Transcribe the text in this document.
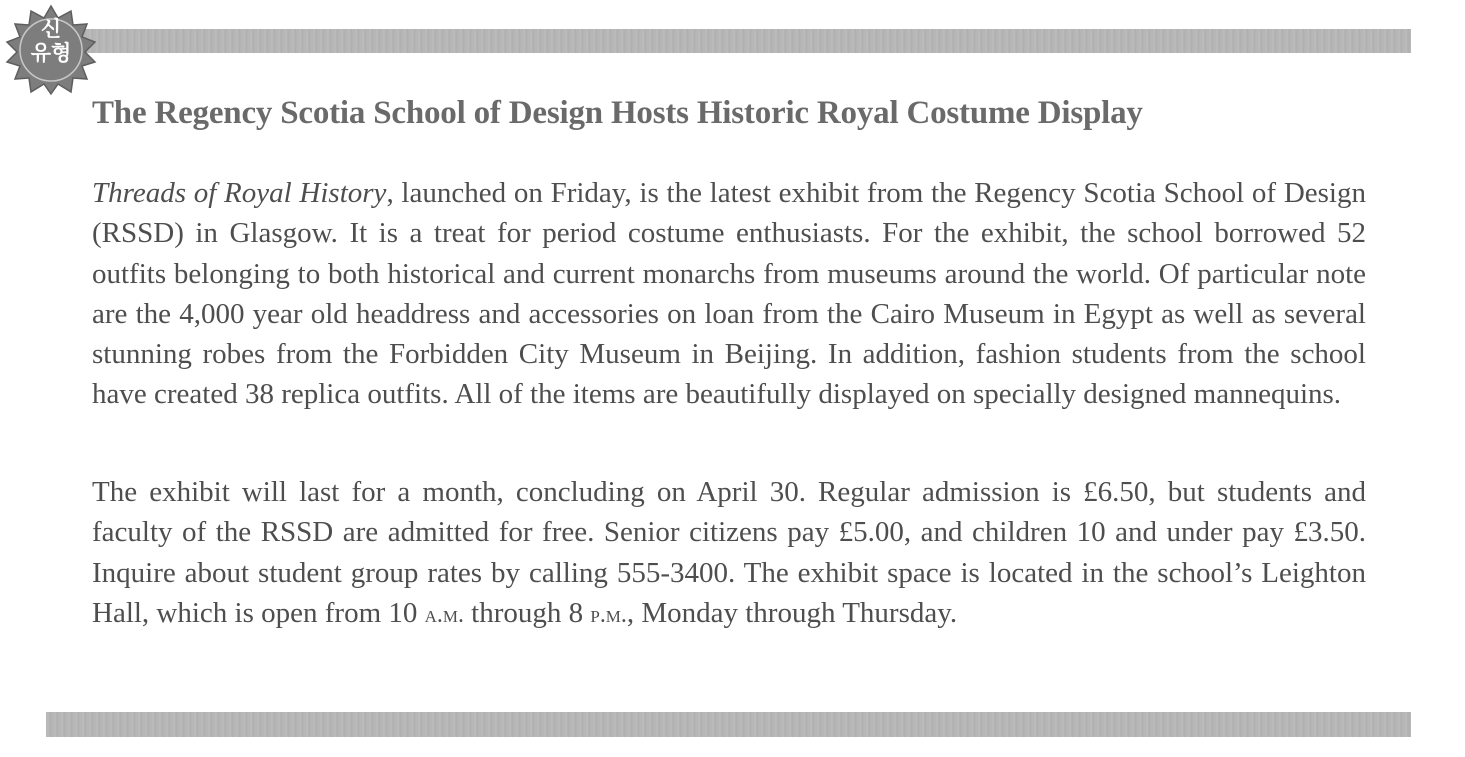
신
유형
The Regency Scotia School of Design Hosts Historic Royal Costume Display

Threads of Royal History, launched on Friday, is the latest exhibit from the Regency Scotia School of Design (RSSD) in Glasgow. It is a treat for period costume enthusiasts. For the exhibit, the school borrowed 52 outfits belonging to both historical and current monarchs from museums around the world. Of particular note are the 4,000 year old headdress and accessories on loan from the Cairo Museum in Egypt as well as several stunning robes from the Forbidden City Museum in Beijing. In addition, fashion students from the school have created 38 replica outfits. All of the items are beautifully displayed on specially designed mannequins.

The exhibit will last for a month, concluding on April 30. Regular admission is £6.50, but students and faculty of the RSSD are admitted for free. Senior citizens pay £5.00, and children 10 and under pay £3.50. Inquire about student group rates by calling 555-3400. The exhibit space is located in the school’s Leighton Hall, which is open from 10 a.m. through 8 p.m., Monday through Thursday.
